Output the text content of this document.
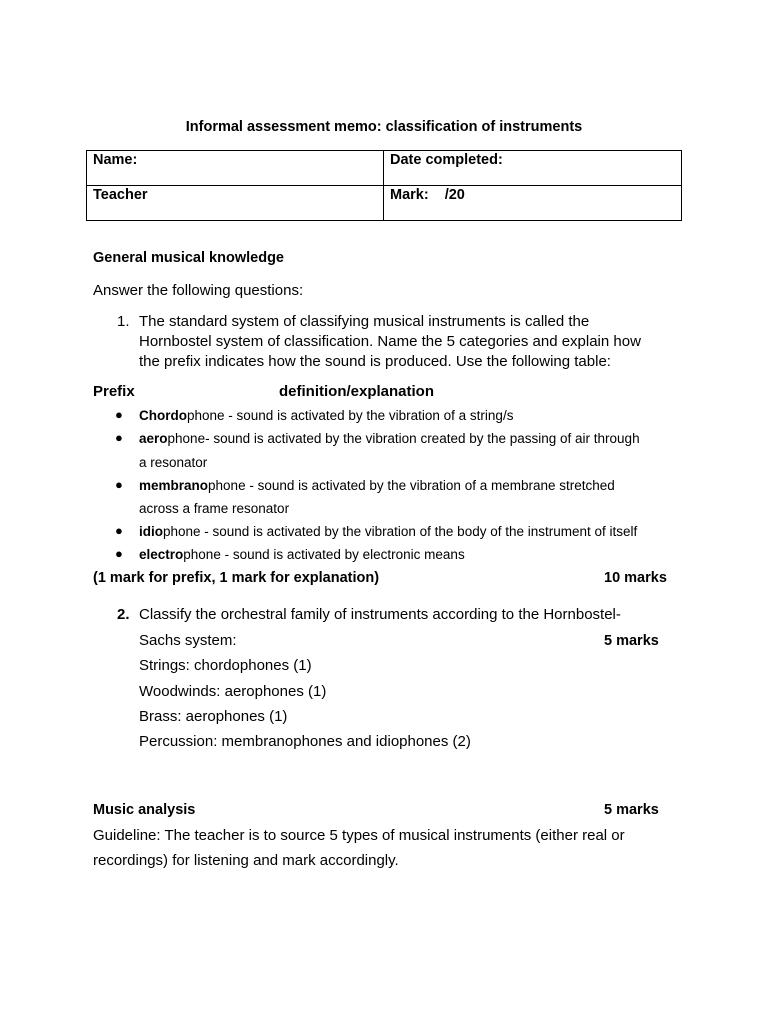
Informal assessment memo: classification of instruments
Name:	Date completed:
Teacher	Mark: /20
General musical knowledge
Answer the following questions:
1. The standard system of classifying musical instruments is called the
Hornbostel system of classification. Name the 5 categories and explain how
the prefix indicates how the sound is produced. Use the following table:
Prefix	definition/explanation
● Chordophone - sound is activated by the vibration of a string/s
● aerophone- sound is activated by the vibration created by the passing of air through
a resonator
● membranophone - sound is activated by the vibration of a membrane stretched
across a frame resonator
● idiophone - sound is activated by the vibration of the body of the instrument of itself
● electrophone - sound is activated by electronic means
(1 mark for prefix, 1 mark for explanation)	10 marks
2. Classify the orchestral family of instruments according to the Hornbostel-
Sachs system:	5 marks
Strings: chordophones (1)
Woodwinds: aerophones (1)
Brass: aerophones (1)
Percussion: membranophones and idiophones (2)
Music analysis	5 marks
Guideline: The teacher is to source 5 types of musical instruments (either real or
recordings) for listening and mark accordingly.
